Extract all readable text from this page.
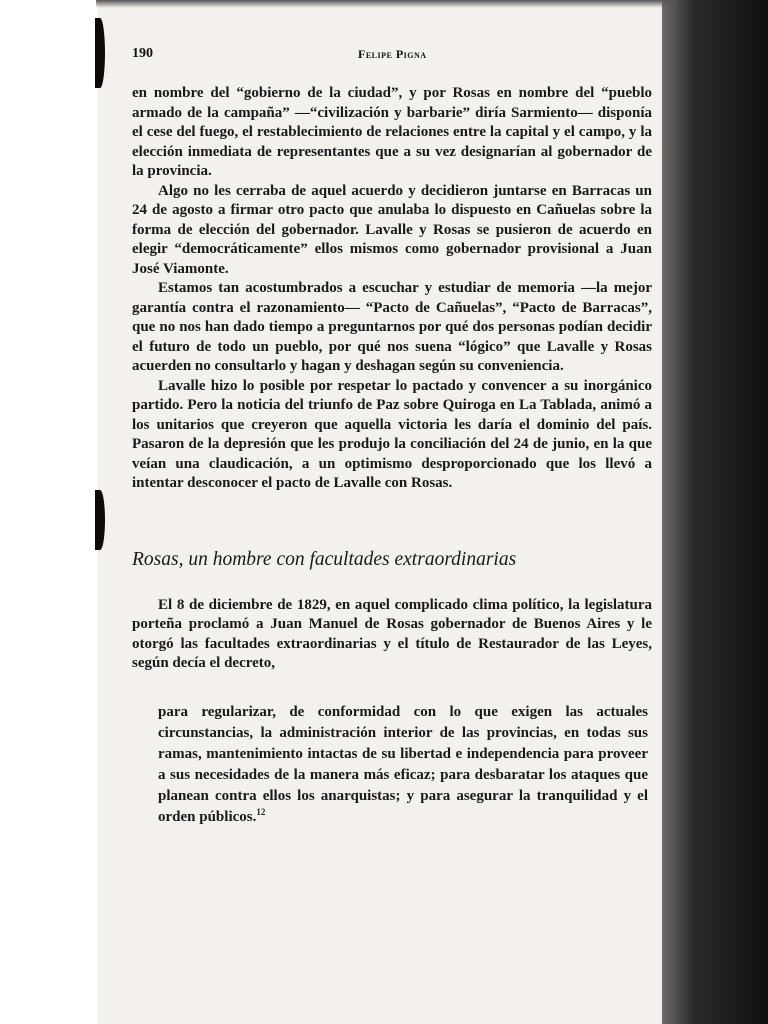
190	Felipe Pigna

en nombre del “gobierno de la ciudad”, y por Rosas en nombre del “pueblo armado de la campaña” —“civilización y barbarie” diría Sarmiento— disponía el cese del fuego, el restablecimiento de relaciones entre la capital y el campo, y la elección inmediata de representantes que a su vez designarían al gobernador de la provincia.

Algo no les cerraba de aquel acuerdo y decidieron juntarse en Barracas un 24 de agosto a firmar otro pacto que anulaba lo dispuesto en Cañuelas sobre la forma de elección del gobernador. Lavalle y Rosas se pusieron de acuerdo en elegir “democráticamente” ellos mismos como gobernador provisional a Juan José Viamonte.

Estamos tan acostumbrados a escuchar y estudiar de memoria —la mejor garantía contra el razonamiento— “Pacto de Cañuelas”, “Pacto de Barracas”, que no nos han dado tiempo a preguntarnos por qué dos personas podían decidir el futuro de todo un pueblo, por qué nos suena “lógico” que Lavalle y Rosas acuerden no consultarlo y hagan y deshagan según su conveniencia.

Lavalle hizo lo posible por respetar lo pactado y convencer a su inorgánico partido. Pero la noticia del triunfo de Paz sobre Quiroga en La Tablada, animó a los unitarios que creyeron que aquella victoria les daría el dominio del país. Pasaron de la depresión que les produjo la conciliación del 24 de junio, en la que veían una claudicación, a un optimismo desproporcionado que los llevó a intentar desconocer el pacto de Lavalle con Rosas.

Rosas, un hombre con facultades extraordinarias

El 8 de diciembre de 1829, en aquel complicado clima político, la legislatura porteña proclamó a Juan Manuel de Rosas gobernador de Buenos Aires y le otorgó las facultades extraordinarias y el título de Restaurador de las Leyes, según decía el decreto,

para regularizar, de conformidad con lo que exigen las actuales circunstancias, la administración interior de las provincias, en todas sus ramas, mantenimiento intactas de su libertad e independencia para proveer a sus necesidades de la manera más eficaz; para desbaratar los ataques que planean contra ellos los anarquistas; y para asegurar la tranquilidad y el orden públicos.$^{12}$
